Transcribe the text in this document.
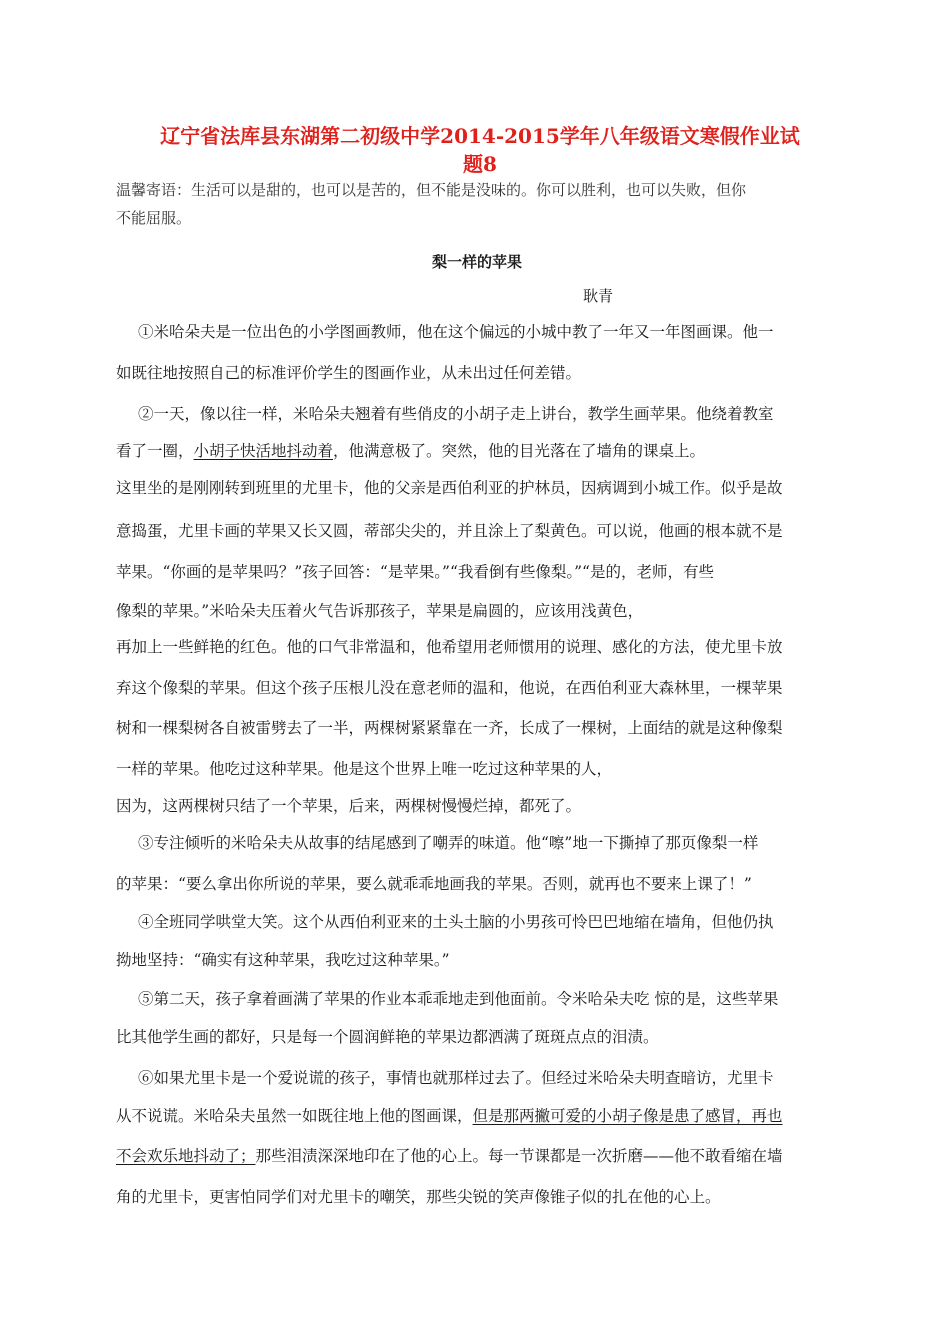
辽宁省法库县东湖第二初级中学2014-2015学年八年级语文寒假作业试
题8
温馨寄语：生活可以是甜的，也可以是苦的，但不能是没味的。你可以胜利，也可以失败，但你
不能屈服。
梨一样的苹果
耿青
①米哈朵夫是一位出色的小学图画教师，他在这个偏远的小城中教了一年又一年图画课。他一
如既往地按照自己的标准评价学生的图画作业，从未出过任何差错。
②一天，像以往一样，米哈朵夫翘着有些俏皮的小胡子走上讲台，教学生画苹果。他绕着教室
看了一圈，小胡子快活地抖动着，他满意极了。突然，他的目光落在了墙角的课桌上。
这里坐的是刚刚转到班里的尤里卡，他的父亲是西伯利亚的护林员，因病调到小城工作。似乎是故
意捣蛋，尤里卡画的苹果又长又圆，蒂部尖尖的，并且涂上了梨黄色。可以说，他画的根本就不是
苹果。“你画的是苹果吗？”孩子回答：“是苹果。”“我看倒有些像梨。”“是的，老师，有些
像梨的苹果。”米哈朵夫压着火气告诉那孩子，苹果是扁圆的，应该用浅黄色，
再加上一些鲜艳的红色。他的口气非常温和，他希望用老师惯用的说理、感化的方法，使尤里卡放
弃这个像梨的苹果。但这个孩子压根儿没在意老师的温和，他说，在西伯利亚大森林里，一棵苹果
树和一棵梨树各自被雷劈去了一半，两棵树紧紧靠在一齐，长成了一棵树，上面结的就是这种像梨
一样的苹果。他吃过这种苹果。他是这个世界上唯一吃过这种苹果的人，
因为，这两棵树只结了一个苹果，后来，两棵树慢慢烂掉，都死了。
③专注倾听的米哈朵夫从故事的结尾感到了嘲弄的味道。他“嚓”地一下撕掉了那页像梨一样
的苹果：“要么拿出你所说的苹果，要么就乖乖地画我的苹果。否则，就再也不要来上课了！”
④全班同学哄堂大笑。这个从西伯利亚来的土头土脑的小男孩可怜巴巴地缩在墙角，但他仍执
拗地坚持：“确实有这种苹果，我吃过这种苹果。”
⑤第二天，孩子拿着画满了苹果的作业本乖乖地走到他面前。令米哈朵夫吃 惊的是，这些苹果
比其他学生画的都好，只是每一个圆润鲜艳的苹果边都洒满了斑斑点点的泪渍。
⑥如果尤里卡是一个爱说谎的孩子，事情也就那样过去了。但经过米哈朵夫明查暗访，尤里卡
从不说谎。米哈朵夫虽然一如既往地上他的图画课，但是那两撇可爱的小胡子像是患了感冒，再也
不会欢乐地抖动了；那些泪渍深深地印在了他的心上。每一节课都是一次折磨——他不敢看缩在墙
角的尤里卡，更害怕同学们对尤里卡的嘲笑，那些尖锐的笑声像锥子似的扎在他的心上。
